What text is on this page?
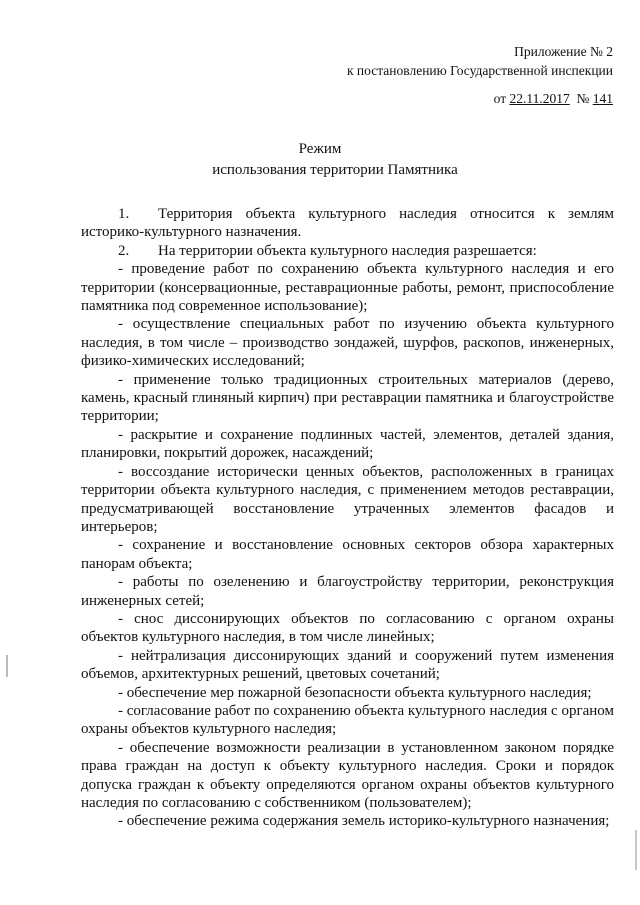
Приложение № 2
к постановлению Государственной инспекции
от 22.11.2017 № 141
Режим
использования территории Памятника

1. Территория объекта культурного наследия относится к землям историко-культурного назначения.

2. На территории объекта культурного наследия разрешается:

- проведение работ по сохранению объекта культурного наследия и его территории (консервационные, реставрационные работы, ремонт, приспособление памятника под современное использование);

- осуществление специальных работ по изучению объекта культурного наследия, в том числе – производство зондажей, шурфов, раскопов, инженерных, физико-химических исследований;

- применение только традиционных строительных материалов (дерево, камень, красный глиняный кирпич) при реставрации памятника и благоустройстве территории;

- раскрытие и сохранение подлинных частей, элементов, деталей здания, планировки, покрытий дорожек, насаждений;

- воссоздание исторически ценных объектов, расположенных в границах территории объекта культурного наследия, с применением методов реставрации, предусматривающей восстановление утраченных элементов фасадов и интерьеров;

- сохранение и восстановление основных секторов обзора характерных панорам объекта;

- работы по озеленению и благоустройству территории, реконструкция инженерных сетей;

- снос диссонирующих объектов по согласованию с органом охраны объектов культурного наследия, в том числе линейных;

- нейтрализация диссонирующих зданий и сооружений путем изменения объемов, архитектурных решений, цветовых сочетаний;

- обеспечение мер пожарной безопасности объекта культурного наследия;

- согласование работ по сохранению объекта культурного наследия с органом охраны объектов культурного наследия;

- обеспечение возможности реализации в установленном законом порядке права граждан на доступ к объекту культурного наследия. Сроки и порядок допуска граждан к объекту определяются органом охраны объектов культурного наследия по согласованию с собственником (пользователем);

- обеспечение режима содержания земель историко-культурного назначения;
